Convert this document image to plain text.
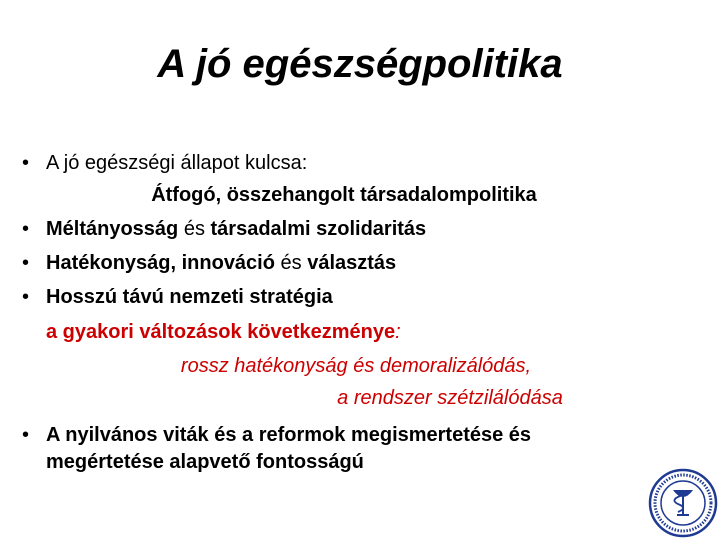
A jó egészségpolitika
• A jó egészségi állapot kulcsa:
Átfogó, összehangolt társadalompolitika
• Méltányosság és társadalmi szolidaritás
• Hatékonyság, innováció és választás
• Hosszú távú nemzeti stratégia
a gyakori változások következménye:
rossz hatékonyság és demoralizálódás,
a rendszer szétzilálódása
• A nyilvános viták és a reformok megismertetése és
megértetése alapvető fontosságú
